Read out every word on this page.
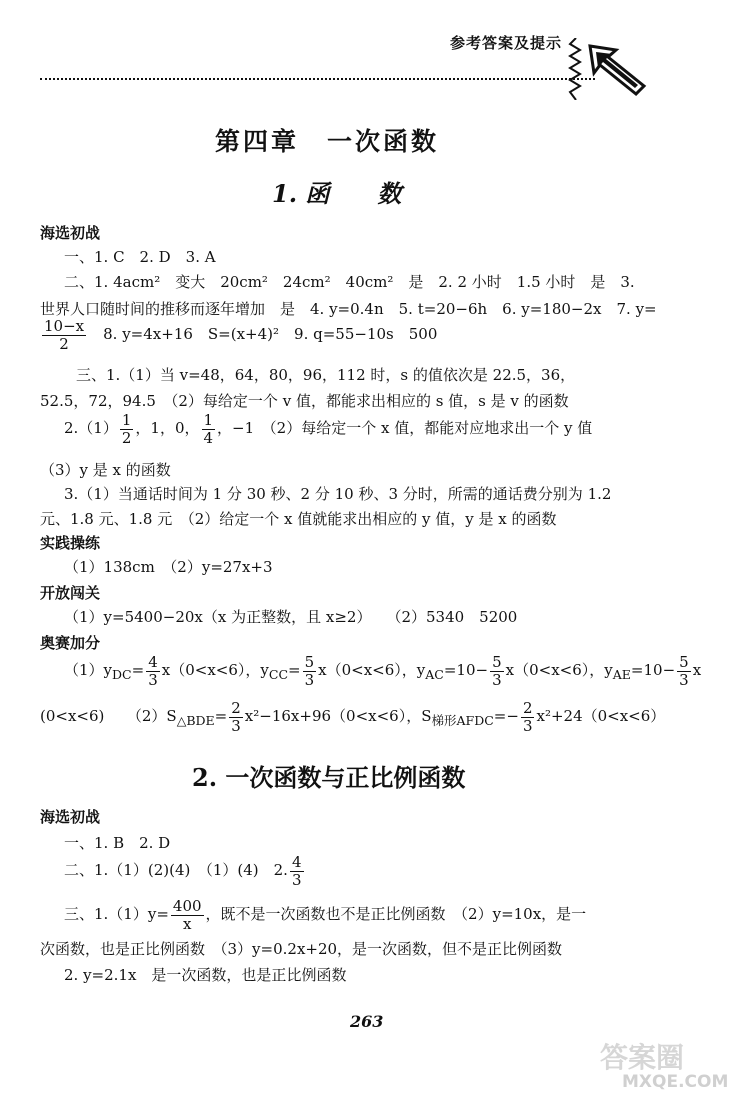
参考答案及提示
第四章　一次函数
1. 函　　数
海选初战
一、1. C　2. D　3. A
二、1. 4acm²　变大　20cm²　24cm²　40cm²　是　2. 2 小时　1.5 小时　是　3.
世界人口随时间的推移而逐年增加　是　4. y=0.4n　5. t=20−6h　6. y=180−2x　7. y=
$\frac{10-x}{2}$ 　8. y=4x+16　S=(x+4)²　9. q=55−10s　500
三、1.（1）当 v=48，64，80，96，112 时，s 的值依次是 22.5，36，
52.5，72，94.5　（2）每给定一个 v 值，都能求出相应的 s 值，s 是 v 的函数
$2.(1) \frac{1}{2}$ ，1，0， $\frac{1}{4}$ ，−1　（2）每给定一个 x 值，都能对应地求出一个 y 值
（3）y 是 x 的函数
3.（1）当通话时间为 1 分 30 秒、2 分 10 秒、3 分时，所需的通话费分别为 1.2
元、1.8 元、1.8 元　（2）给定一个 x 值就能求出相应的 y 值，y 是 x 的函数
实践操练
（1）138cm　（2）y=27x+3
开放闯关
（1）y=5400−20x（x 为正整数，且 x≥2）　　（2）5340　5200
奥赛加分
$(1)y_{DC}= \frac{4}{3} x(0<x<6)$，$y_{CC}= \frac{5}{3} x(0<x<6)$，$y_{AC}=10- \frac{5}{3} x(0<x<6)$，$y_{AE}=10- \frac{5}{3}$ x
(0<x<6)　　$(2)S_{\triangle BDE}= \frac{2}{3} x^2-16x+96(0<x<6)$，$S_{梯形AFDC}=- \frac{2}{3} x^2+24(0<x<6)$
2. 一次函数与正比例函数
海选初战
一、1. B　2. D
二、1.（1）(2)(4)　（1）(4)　2. $\frac{4}{3}$
三、$1.(1)y= \frac{400}{x}$ ，既不是一次函数也不是正比例函数　（2）y=10x，是一
次函数，也是正比例函数　（3）y=0.2x+20，是一次函数，但不是正比例函数
2. y=2.1x　是一次函数，也是正比例函数
263
答案圈
MXQE.COM
